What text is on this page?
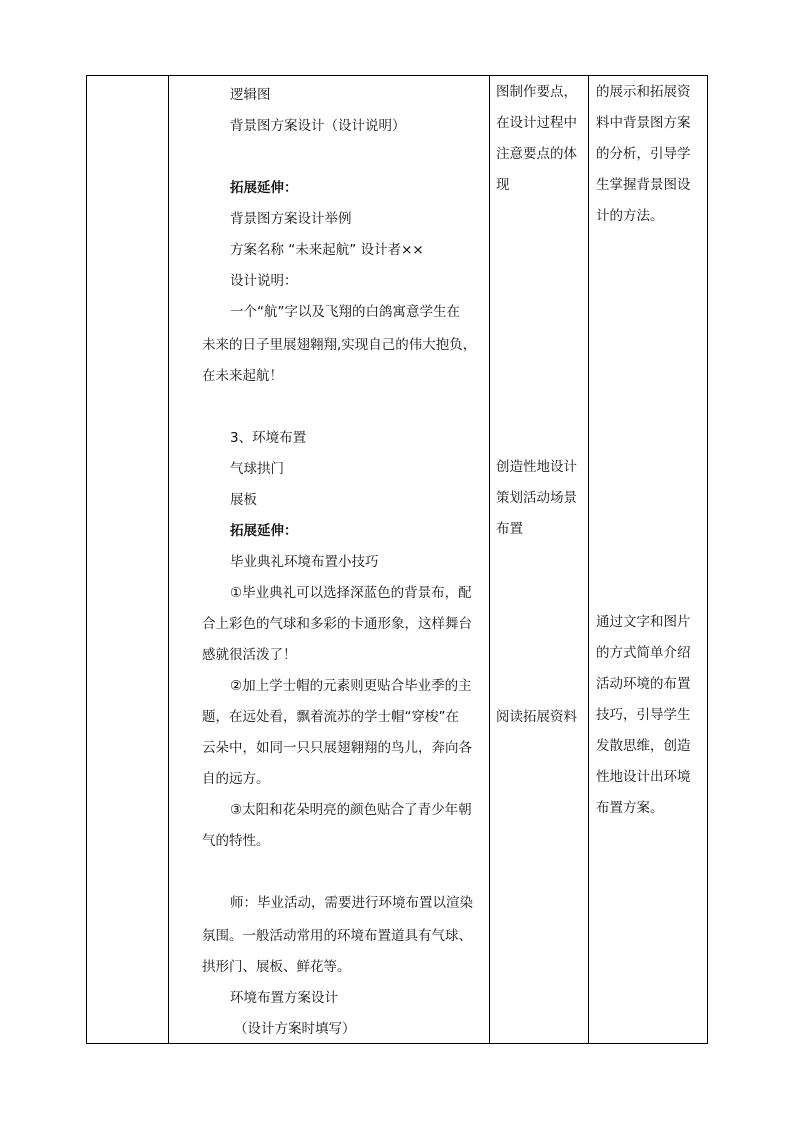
逻辑图
背景图方案设计（设计说明）
拓展延伸：
背景图方案设计举例
方案名称 “未来起航” 设计者××
设计说明：
一个“航”字以及飞翔的白鸽寓意学生在
未来的日子里展翅翱翔,实现自己的伟大抱负，
在未来起航！
3、环境布置
气球拱门
展板
拓展延伸：
毕业典礼环境布置小技巧
①毕业典礼可以选择深蓝色的背景布，配
合上彩色的气球和多彩的卡通形象，这样舞台
感就很活泼了！
②加上学士帽的元素则更贴合毕业季的主
题，在远处看，飘着流苏的学士帽“穿梭”在
云朵中，如同一只只展翅翱翔的鸟儿，奔向各
自的远方。
③太阳和花朵明亮的颜色贴合了青少年朝
气的特性。
师：毕业活动，需要进行环境布置以渲染
氛围。一般活动常用的环境布置道具有气球、
拱形门、展板、鲜花等。
环境布置方案设计
（设计方案时填写）
图制作要点，
在设计过程中
注意要点的体
现
创造性地设计
策划活动场景
布置
阅读拓展资料
的展示和拓展资
料中背景图方案
的分析，引导学
生掌握背景图设
计的方法。
通过文字和图片
的方式简单介绍
活动环境的布置
技巧，引导学生
发散思维，创造
性地设计出环境
布置方案。
